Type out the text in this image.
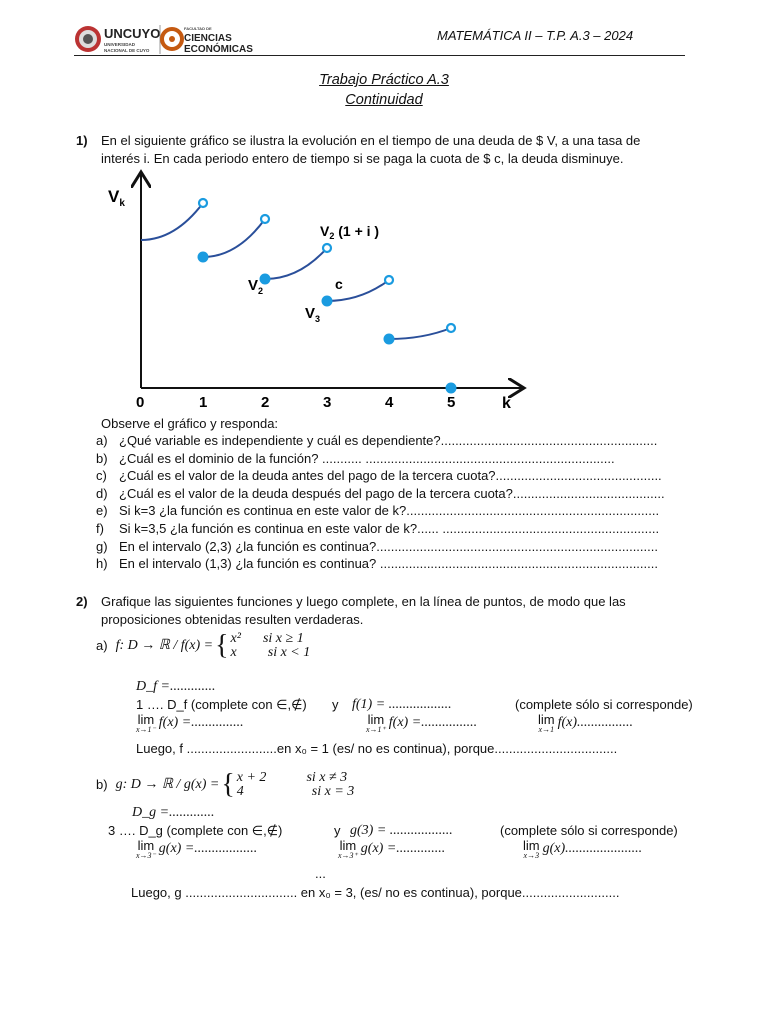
UNCUYO
UNIVERSIDAD
NACIONAL DE CUYO
FACULTAD DE
CIENCIAS
ECONÓMICAS
MATEMÁTICA II – T.P. A.3 – 2024
Trabajo Práctico A.3
Continuidad
1) En el siguiente gráfico se ilustra la evolución en el tiempo de una deuda de $ V, a una tasa de
interés i. En cada periodo entero de tiempo si se paga la cuota de $ c, la deuda disminuye.
$V_k$
k
0	1	2	3	4	5
$V_2$ (1 + i )
c
$V_2$
$V_3$
Observe el gráfico y responda:
a) ¿Qué variable es independiente y cuál es dependiente?............................................................
b) ¿Cuál es el dominio de la función? ........... .....................................................................
c) ¿Cuál es el valor de la deuda antes del pago de la tercera cuota?..............................................
d) ¿Cuál es el valor de la deuda después del pago de la tercera cuota?..........................................
e) Si k=3 ¿la función es continua en este valor de k?......................................................................
f) Si k=3,5 ¿la función es continua en este valor de k?...... ............................................................
g) En el intervalo (2,3) ¿la función es continua?..............................................................................
h) En el intervalo (1,3) ¿la función es continua? .............................................................................
2) Grafique las siguientes funciones y luego complete, en la línea de puntos, de modo que las
proposiciones obtenidas resulten verdaderas.
a) f: D → ℝ / f(x) = { x² si x ≥ 1
x si x < 1
D_f =.............
1 …. D_f (complete con ∈,∉) y f(1) = ..................	(complete sólo si corresponde)
lim
x→1⁻ f(x) =...............	lim
x→1⁺ f(x) =................	lim
x→1 f(x)................
Luego, f .........................en x₀ = 1 (es/ no es continua), porque..................................
b) g: D → ℝ / g(x) = { x + 2	si x ≠ 3
4	si x = 3
D_g =.............
3 …. D_g (complete con ∈,∉)	y g(3) = ..................	(complete sólo si corresponde)
lim
x→3⁻ g(x) =..................	lim
x→3⁺ g(x) =..............	lim
x→3 g(x)......................
...
Luego, g ............................... en x₀ = 3, (es/ no es continua), porque...........................
